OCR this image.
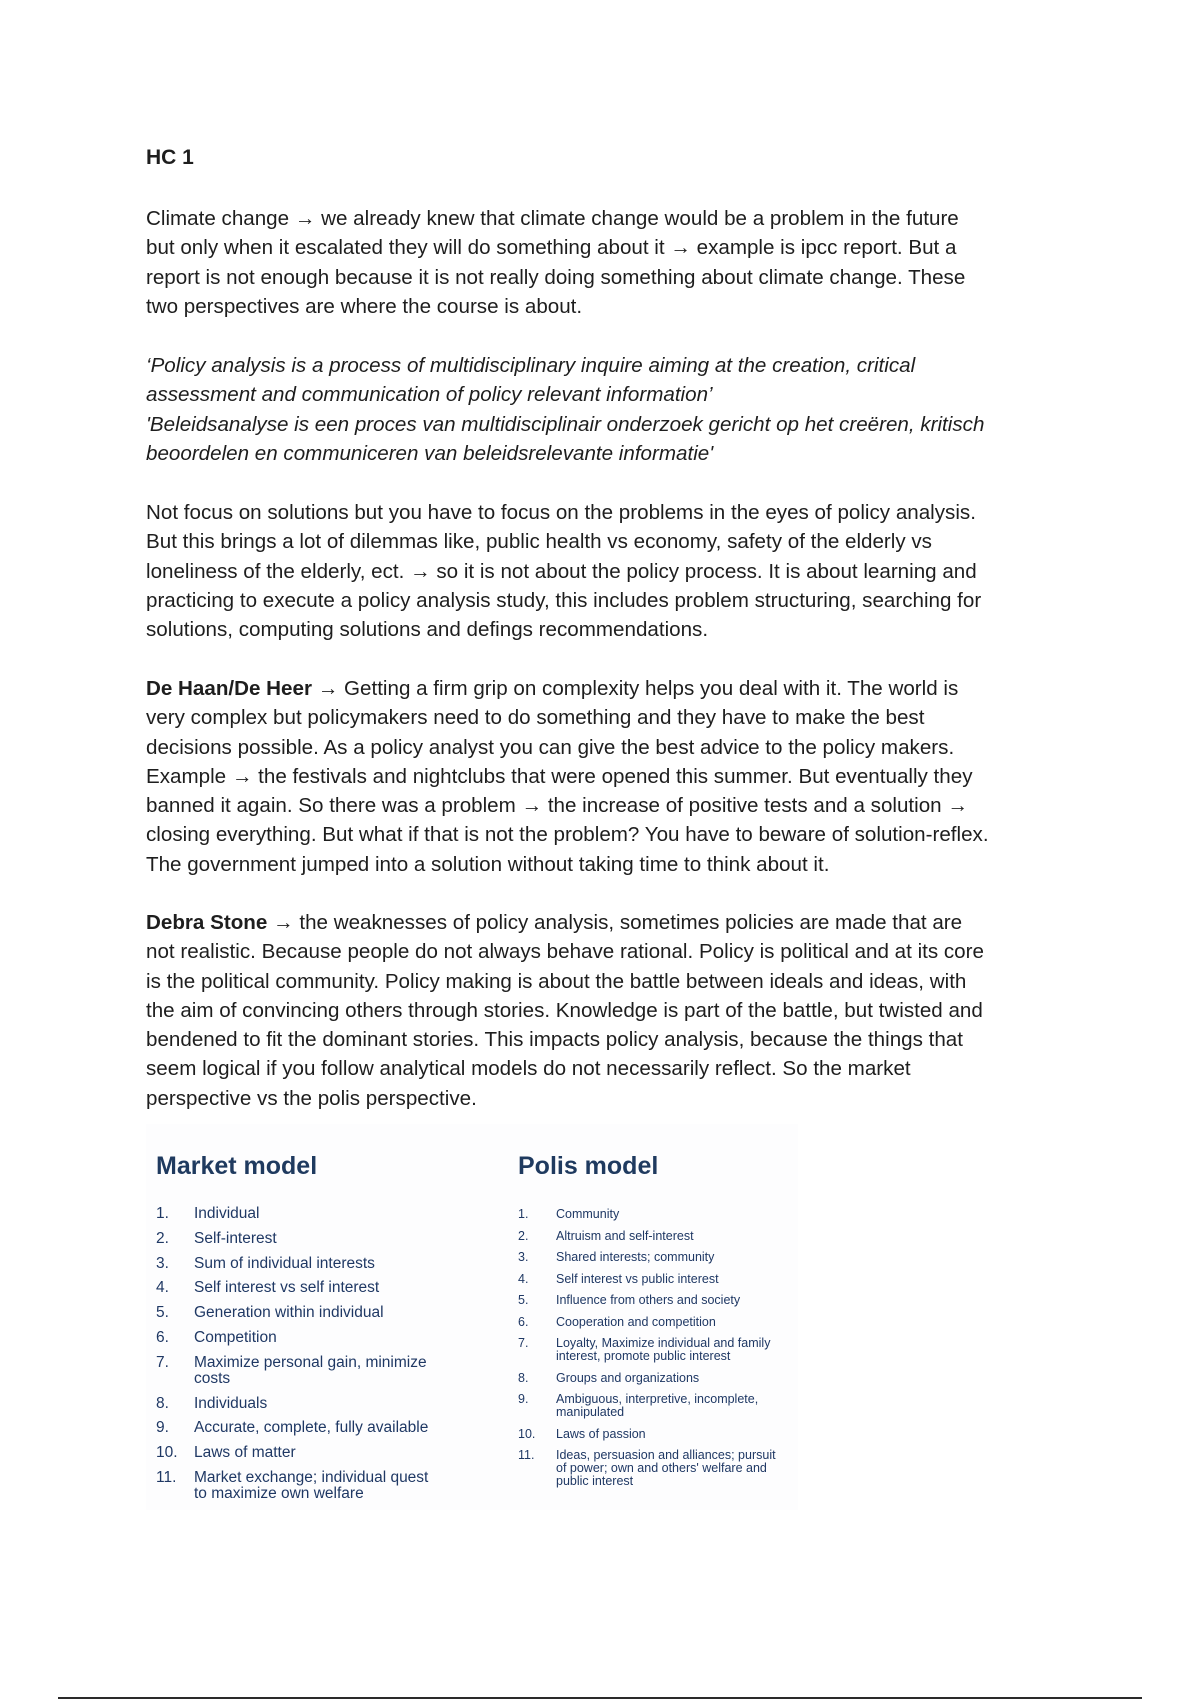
HC 1

Climate change → we already knew that climate change would be a problem in the future
but only when it escalated they will do something about it → example is ipcc report. But a
report is not enough because it is not really doing something about climate change. These
two perspectives are where the course is about.

‘Policy analysis is a process of multidisciplinary inquire aiming at the creation, critical
assessment and communication of policy relevant information’
'Beleidsanalyse is een proces van multidisciplinair onderzoek gericht op het creëren, kritisch
beoordelen en communiceren van beleidsrelevante informatie'

Not focus on solutions but you have to focus on the problems in the eyes of policy analysis.
But this brings a lot of dilemmas like, public health vs economy, safety of the elderly vs
loneliness of the elderly, ect. → so it is not about the policy process. It is about learning and
practicing to execute a policy analysis study, this includes problem structuring, searching for
solutions, computing solutions and defings recommendations.

De Haan/De Heer → Getting a firm grip on complexity helps you deal with it. The world is
very complex but policymakers need to do something and they have to make the best
decisions possible. As a policy analyst you can give the best advice to the policy makers.
Example → the festivals and nightclubs that were opened this summer. But eventually they
banned it again. So there was a problem → the increase of positive tests and a solution →
closing everything. But what if that is not the problem? You have to beware of solution-reflex.
The government jumped into a solution without taking time to think about it.

Debra Stone → the weaknesses of policy analysis, sometimes policies are made that are
not realistic. Because people do not always behave rational. Policy is political and at its core
is the political community. Policy making is about the battle between ideals and ideas, with
the aim of convincing others through stories. Knowledge is part of the battle, but twisted and
bendened to fit the dominant stories. This impacts policy analysis, because the things that
seem logical if you follow analytical models do not necessarily reflect. So the market
perspective vs the polis perspective.

Market model
1.	Individual
2.	Self-interest
3.	Sum of individual interests
4.	Self interest vs self interest
5.	Generation within individual
6.	Competition
7.	Maximize personal gain, minimize
costs
8.	Individuals
9.	Accurate, complete, fully available
10.	Laws of matter
11.	Market exchange; individual quest
to maximize own welfare
Polis model
1.	Community
2.	Altruism and self-interest
3.	Shared interests; community
4.	Self interest vs public interest
5.	Influence from others and society
6.	Cooperation and competition
7.	Loyalty, Maximize individual and family
interest, promote public interest
8.	Groups and organizations
9.	Ambiguous, interpretive, incomplete,
manipulated
10.	Laws of passion
11.	Ideas, persuasion and alliances; pursuit
of power; own and others' welfare and
public interest
